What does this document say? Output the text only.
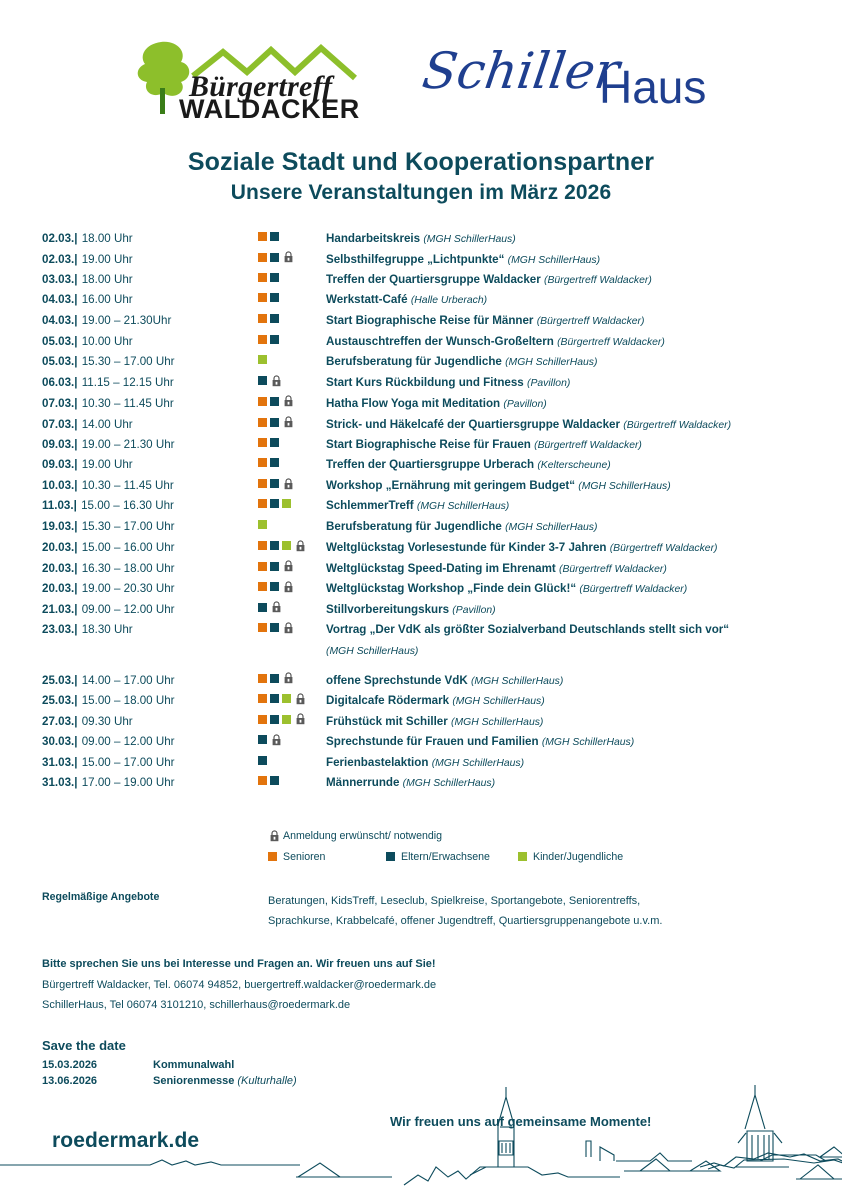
Bürgertreff
WALDACKER
Schiller
Haus
Soziale Stadt und Kooperationspartner
Unsere Veranstaltungen im März 2026
02.03.| 18.00 Uhr	Handarbeitskreis (MGH SchillerHaus)
02.03.| 19.00 Uhr	Selbsthilfegruppe „Lichtpunkte“ (MGH SchillerHaus)
03.03.| 18.00 Uhr	Treffen der Quartiersgruppe Waldacker (Bürgertreff Waldacker)
04.03.| 16.00 Uhr	Werkstatt-Café (Halle Urberach)
04.03.| 19.00 – 21.30Uhr	Start Biographische Reise für Männer (Bürgertreff Waldacker)
05.03.| 10.00 Uhr	Austauschtreffen der Wunsch-Großeltern (Bürgertreff Waldacker)
05.03.| 15.30 – 17.00 Uhr	Berufsberatung für Jugendliche (MGH SchillerHaus)
06.03.| 11.15 – 12.15 Uhr	Start Kurs Rückbildung und Fitness (Pavillon)
07.03.| 10.30 – 11.45 Uhr	Hatha Flow Yoga mit Meditation (Pavillon)
07.03.| 14.00 Uhr	Strick- und Häkelcafé der Quartiersgruppe Waldacker (Bürgertreff Waldacker)
09.03.| 19.00 – 21.30 Uhr	Start Biographische Reise für Frauen (Bürgertreff Waldacker)
09.03.| 19.00 Uhr	Treffen der Quartiersgruppe Urberach (Kelterscheune)
10.03.| 10.30 – 11.45 Uhr	Workshop „Ernährung mit geringem Budget“ (MGH SchillerHaus)
11.03.| 15.00 – 16.30 Uhr	SchlemmerTreff (MGH SchillerHaus)
19.03.| 15.30 – 17.00 Uhr	Berufsberatung für Jugendliche (MGH SchillerHaus)
20.03.| 15.00 – 16.00 Uhr	Weltglückstag Vorlesestunde für Kinder 3-7 Jahren (Bürgertreff Waldacker)
20.03.| 16.30 – 18.00 Uhr	Weltglückstag Speed-Dating im Ehrenamt (Bürgertreff Waldacker)
20.03.| 19.00 – 20.30 Uhr	Weltglückstag Workshop „Finde dein Glück!“ (Bürgertreff Waldacker)
21.03.| 09.00 – 12.00 Uhr	Stillvorbereitungskurs (Pavillon)
23.03.| 18.30 Uhr	Vortrag „Der VdK als größter Sozialverband Deutschlands stellt sich vor“
(MGH SchillerHaus)
25.03.| 14.00 – 17.00 Uhr	offene Sprechstunde VdK (MGH SchillerHaus)
25.03.| 15.00 – 18.00 Uhr	Digitalcafe Rödermark (MGH SchillerHaus)
27.03.| 09.30 Uhr	Frühstück mit Schiller (MGH SchillerHaus)
30.03.| 09.00 – 12.00 Uhr	Sprechstunde für Frauen und Familien (MGH SchillerHaus)
31.03.| 15.00 – 17.00 Uhr	Ferienbastelaktion (MGH SchillerHaus)
31.03.| 17.00 – 19.00 Uhr	Männerrunde (MGH SchillerHaus)
Anmeldung erwünscht/ notwendig
Senioren	Eltern/Erwachsene	Kinder/Jugendliche
Regelmäßige Angebote	Beratungen, KidsTreff, Leseclub, Spielkreise, Sportangebote, Seniorentreffs,
Sprachkurse, Krabbelcafé, offener Jugendtreff, Quartiersgruppenangebote u.v.m.
Bitte sprechen Sie uns bei Interesse und Fragen an. Wir freuen uns auf Sie!
Bürgertreff Waldacker, Tel. 06074 94852, buergertreff.waldacker@roedermark.de
SchillerHaus, Tel 06074 3101210, schillerhaus@roedermark.de
Save the date
15.03.2026	Kommunalwahl
13.06.2026	Seniorenmesse (Kulturhalle)
roedermark.de
Wir freuen uns auf gemeinsame Momente!
